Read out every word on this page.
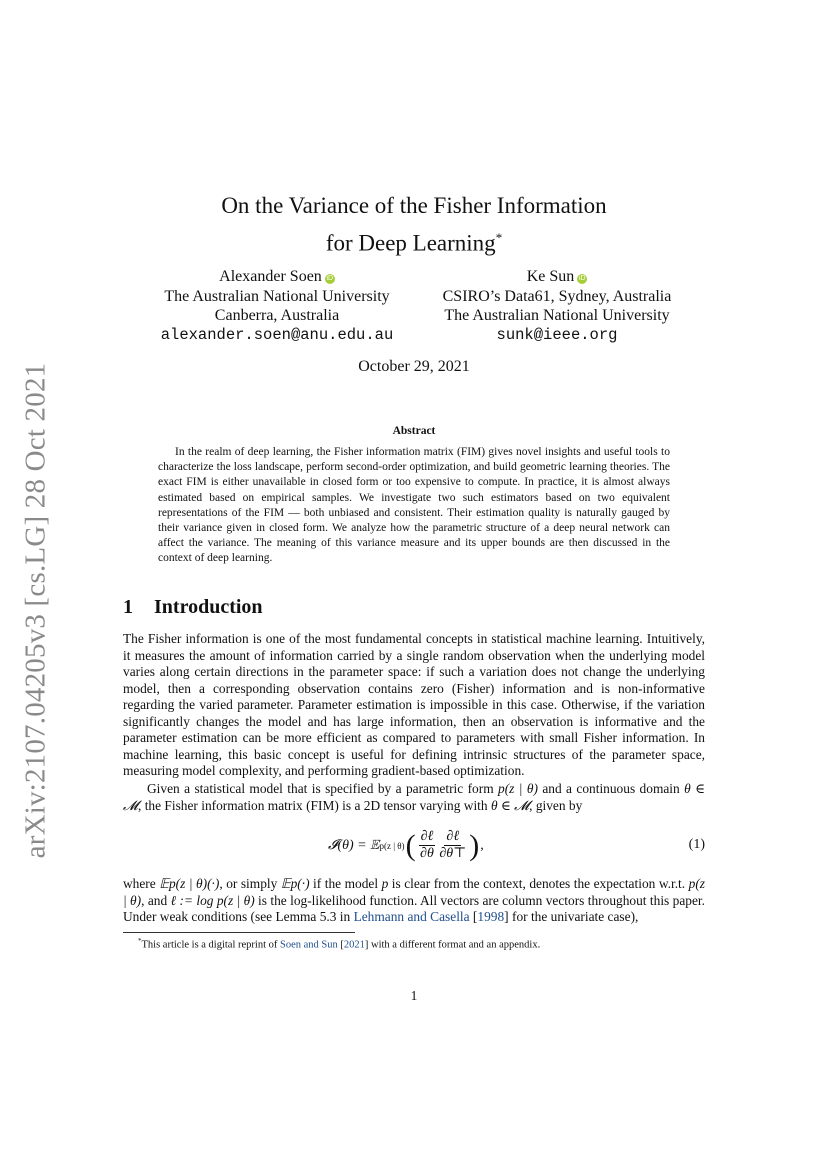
arXiv:2107.04205v3 [cs.LG] 28 Oct 2021
On the Variance of the Fisher Information
for Deep Learning*
Alexander Soen iD
The Australian National University
Canberra, Australia
alexander.soen@anu.edu.au
Ke Sun iD
CSIRO’s Data61, Sydney, Australia
The Australian National University
sunk@ieee.org
October 29, 2021
Abstract

In the realm of deep learning, the Fisher information matrix (FIM) gives novel insights and useful tools to characterize the loss landscape, perform second-order optimization, and build geometric learning theories. The exact FIM is either unavailable in closed form or too expensive to compute. In practice, it is almost always estimated based on empirical samples. We investigate two such estimators based on two equivalent representations of the FIM — both unbiased and consistent. Their estimation quality is naturally gauged by their variance given in closed form. We analyze how the parametric structure of a deep neural network can affect the variance. The meaning of this variance measure and its upper bounds are then discussed in the context of deep learning.

1 Introduction

The Fisher information is one of the most fundamental concepts in statistical machine learning. Intuitively, it measures the amount of information carried by a single random observation when the underlying model varies along certain directions in the parameter space: if such a variation does not change the underlying model, then a corresponding observation contains zero (Fisher) information and is non-informative regarding the varied parameter. Parameter estimation is impossible in this case. Otherwise, if the variation significantly changes the model and has large information, then an observation is informative and the parameter estimation can be more efficient as compared to parameters with small Fisher information. In machine learning, this basic concept is useful for defining intrinsic structures of the parameter space, measuring model complexity, and performing gradient-based optimization.

Given a statistical model that is specified by a parametric form p(z | θ) and a continuous domain θ ∈ 𝓜, the Fisher information matrix (FIM) is a 2D tensor varying with θ ∈ 𝓜, given by

𝓘(θ) = 𝔼 p(z | θ) ( $\frac{\text{∂ℓ}}{\partial\theta} \frac{\text{∂ℓ}}{\partial\theta⊤}$ ) ,	(1)

where 𝔼p(z | θ)(·), or simply 𝔼p(·) if the model p is clear from the context, denotes the expectation w.r.t. p(z | θ), and ℓ := log p(z | θ) is the log-likelihood function. All vectors are column vectors throughout this paper. Under weak conditions (see Lemma 5.3 in Lehmann and Casella [1998] for the univariate case),

*This article is a digital reprint of Soen and Sun [2021] with a different format and an appendix.
1
